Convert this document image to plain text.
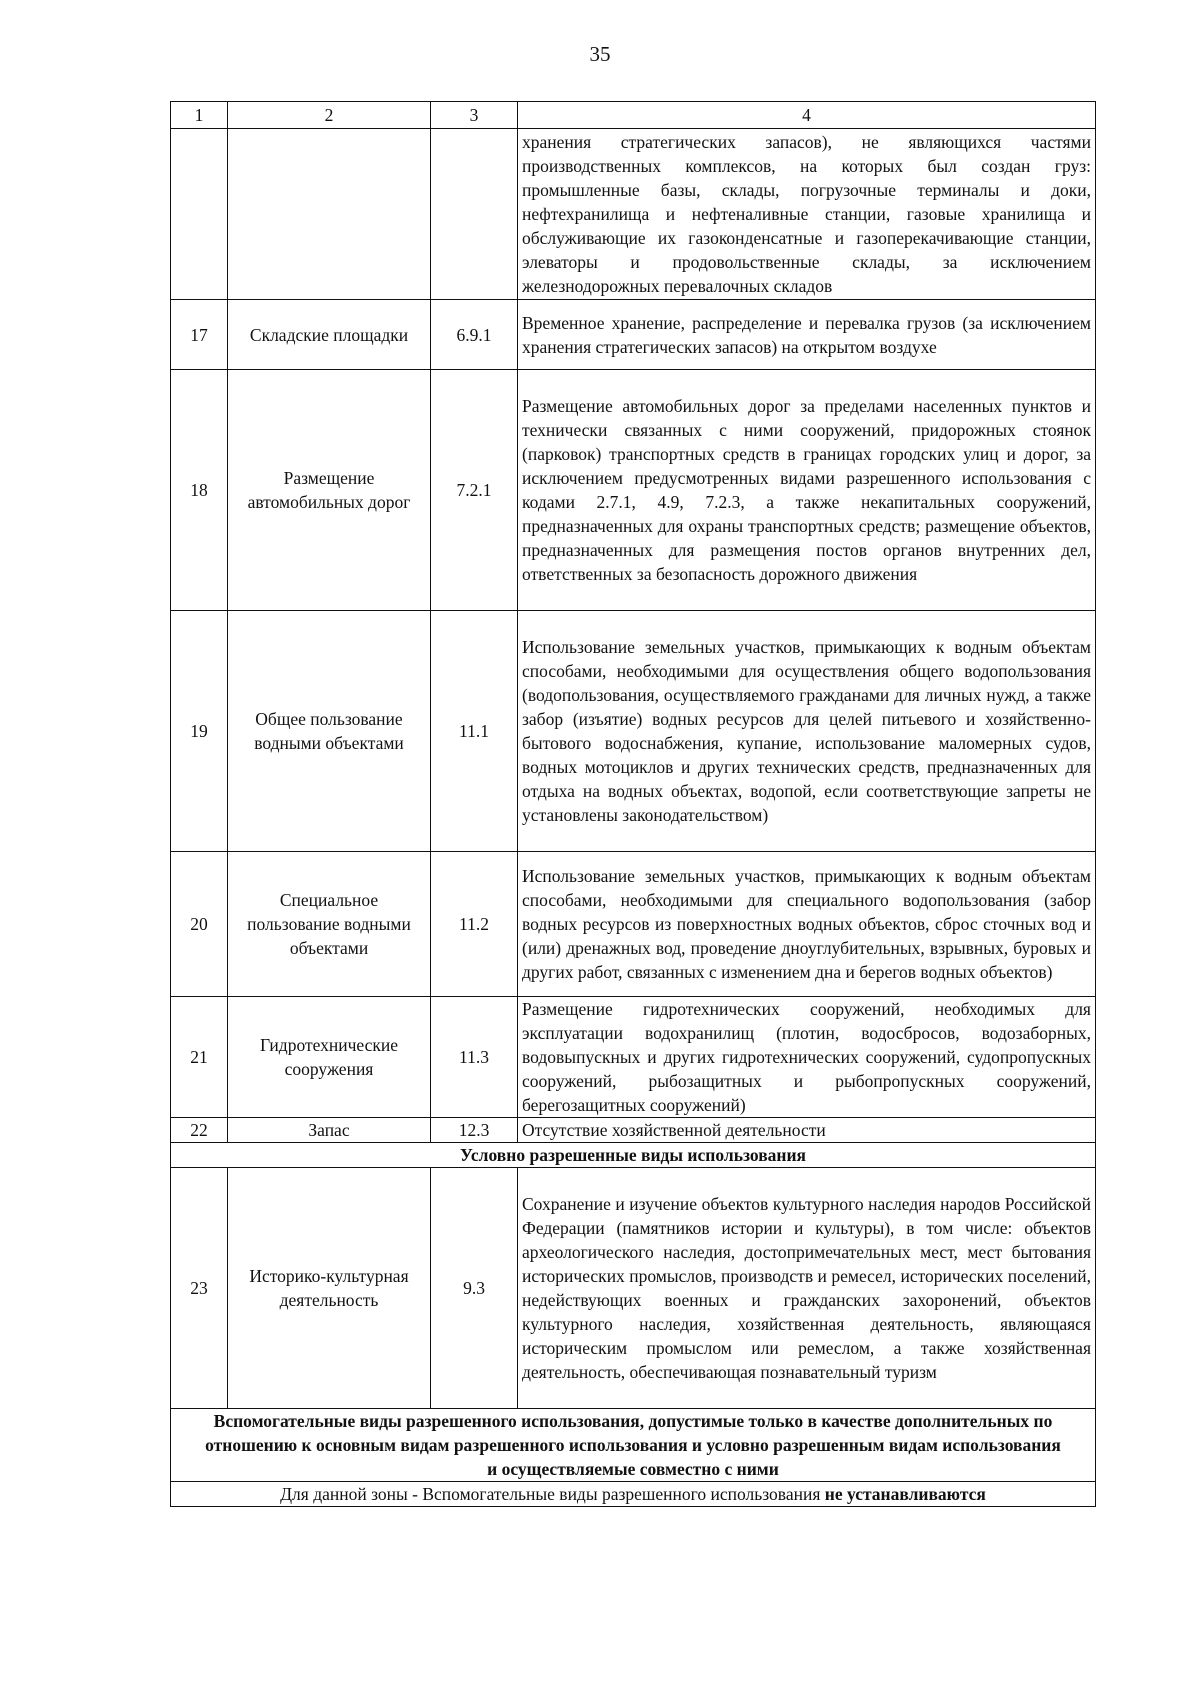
35
1	2	3	4
			хранения стратегических запасов), не являющихся частями производственных комплексов, на которых был создан груз: промышленные базы, склады, погрузочные терминалы и доки, нефтехранилища и нефтеналивные станции, газовые хранилища и обслуживающие их газоконденсатные и газоперекачивающие станции, элеваторы и продовольственные склады, за исключением железнодорожных перевалочных складов
17	Складские площадки	6.9.1	Временное хранение, распределение и перевалка грузов (за исключением хранения стратегических запасов) на открытом воздухе
18	Размещение автомобильных дорог	7.2.1	Размещение автомобильных дорог за пределами населенных пунктов и технически связанных с ними сооружений, придорожных стоянок (парковок) транспортных средств в границах городских улиц и дорог, за исключением предусмотренных видами разрешенного использования с кодами 2.7.1, 4.9, 7.2.3, а также некапитальных сооружений, предназначенных для охраны транспортных средств; размещение объектов, предназначенных для размещения постов органов внутренних дел, ответственных за безопасность дорожного движения
19	Общее пользование водными объектами	11.1	Использование земельных участков, примыкающих к водным объектам способами, необходимыми для осуществления общего водопользования (водопользования, осуществляемого гражданами для личных нужд, а также забор (изъятие) водных ресурсов для целей питьевого и хозяйственно-бытового водоснабжения, купание, использование маломерных судов, водных мотоциклов и других технических средств, предназначенных для отдыха на водных объектах, водопой, если соответствующие запреты не установлены законодательством)
20	Специальное пользование водными объектами	11.2	Использование земельных участков, примыкающих к водным объектам способами, необходимыми для специального водопользования (забор водных ресурсов из поверхностных водных объектов, сброс сточных вод и (или) дренажных вод, проведение дноуглубительных, взрывных, буровых и других работ, связанных с изменением дна и берегов водных объектов)
21	Гидротехнические сооружения	11.3	Размещение гидротехнических сооружений, необходимых для эксплуатации водохранилищ (плотин, водосбросов, водозаборных, водовыпускных и других гидротехнических сооружений, судопропускных сооружений, рыбозащитных и рыбопропускных сооружений, берегозащитных сооружений)
22	Запас	12.3	Отсутствие хозяйственной деятельности
Условно разрешенные виды использования			
23	Историко-культурная деятельность	9.3	Сохранение и изучение объектов культурного наследия народов Российской Федерации (памятников истории и культуры), в том числе: объектов археологического наследия, достопримечательных мест, мест бытования исторических промыслов, производств и ремесел, исторических поселений, недействующих военных и гражданских захоронений, объектов культурного наследия, хозяйственная деятельность, являющаяся историческим промыслом или ремеслом, а также хозяйственная деятельность, обеспечивающая познавательный туризм
Вспомогательные виды разрешенного использования, допустимые только в качестве дополнительных по отношению к основным видам разрешенного использования и условно разрешенным видам использования и осуществляемые совместно с ними			
Для данной зоны - Вспомогательные виды разрешенного использования не устанавливаются			
